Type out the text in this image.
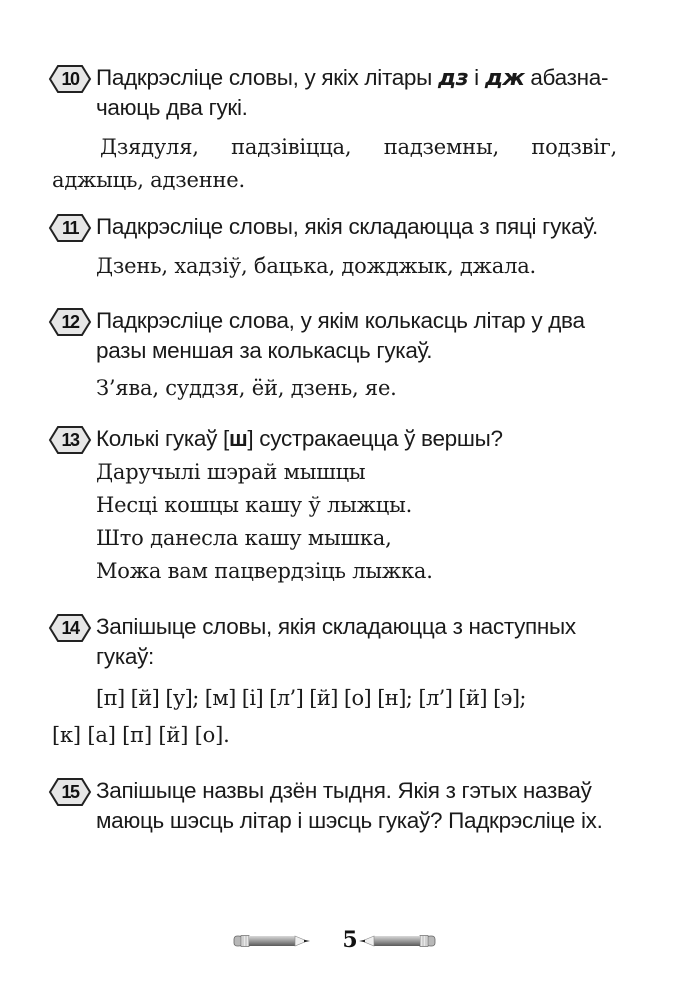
10 Падкрэсліце словы, у якіх літары дз і дж абазна-
чаюць два гукі.
Дзядуля, падзівіцца, падземны, подзвіг, аджыць, адзенне.
11 Падкрэсліце словы, якія складаюцца з пяці гукаў.
Дзень, хадзіў, бацька, дожджык, джала.
12 Падкрэсліце слова, у якім колькасць літар у два
разы меншая за колькасць гукаў.
З’ява, суддзя, ёй, дзень, яе.
13 Колькі гукаў [ш] сустракаецца ў вершы?
Даручылі шэрай мышцы
Несці кошцы кашу ў лыжцы.
Што данесла кашу мышка,
Можа вам пацвердзіць лыжка.
14 Запішыце словы, якія складаюцца з наступных
гукаў:
[п] [й] [у]; [м] [і] [л’] [й] [о] [н]; [л’] [й] [э];
[к] [а] [п] [й] [о].
15 Запішыце назвы дзён тыдня. Якія з гэтых назваў
маюць шэсць літар і шэсць гукаў? Падкрэсліце іх.
5
